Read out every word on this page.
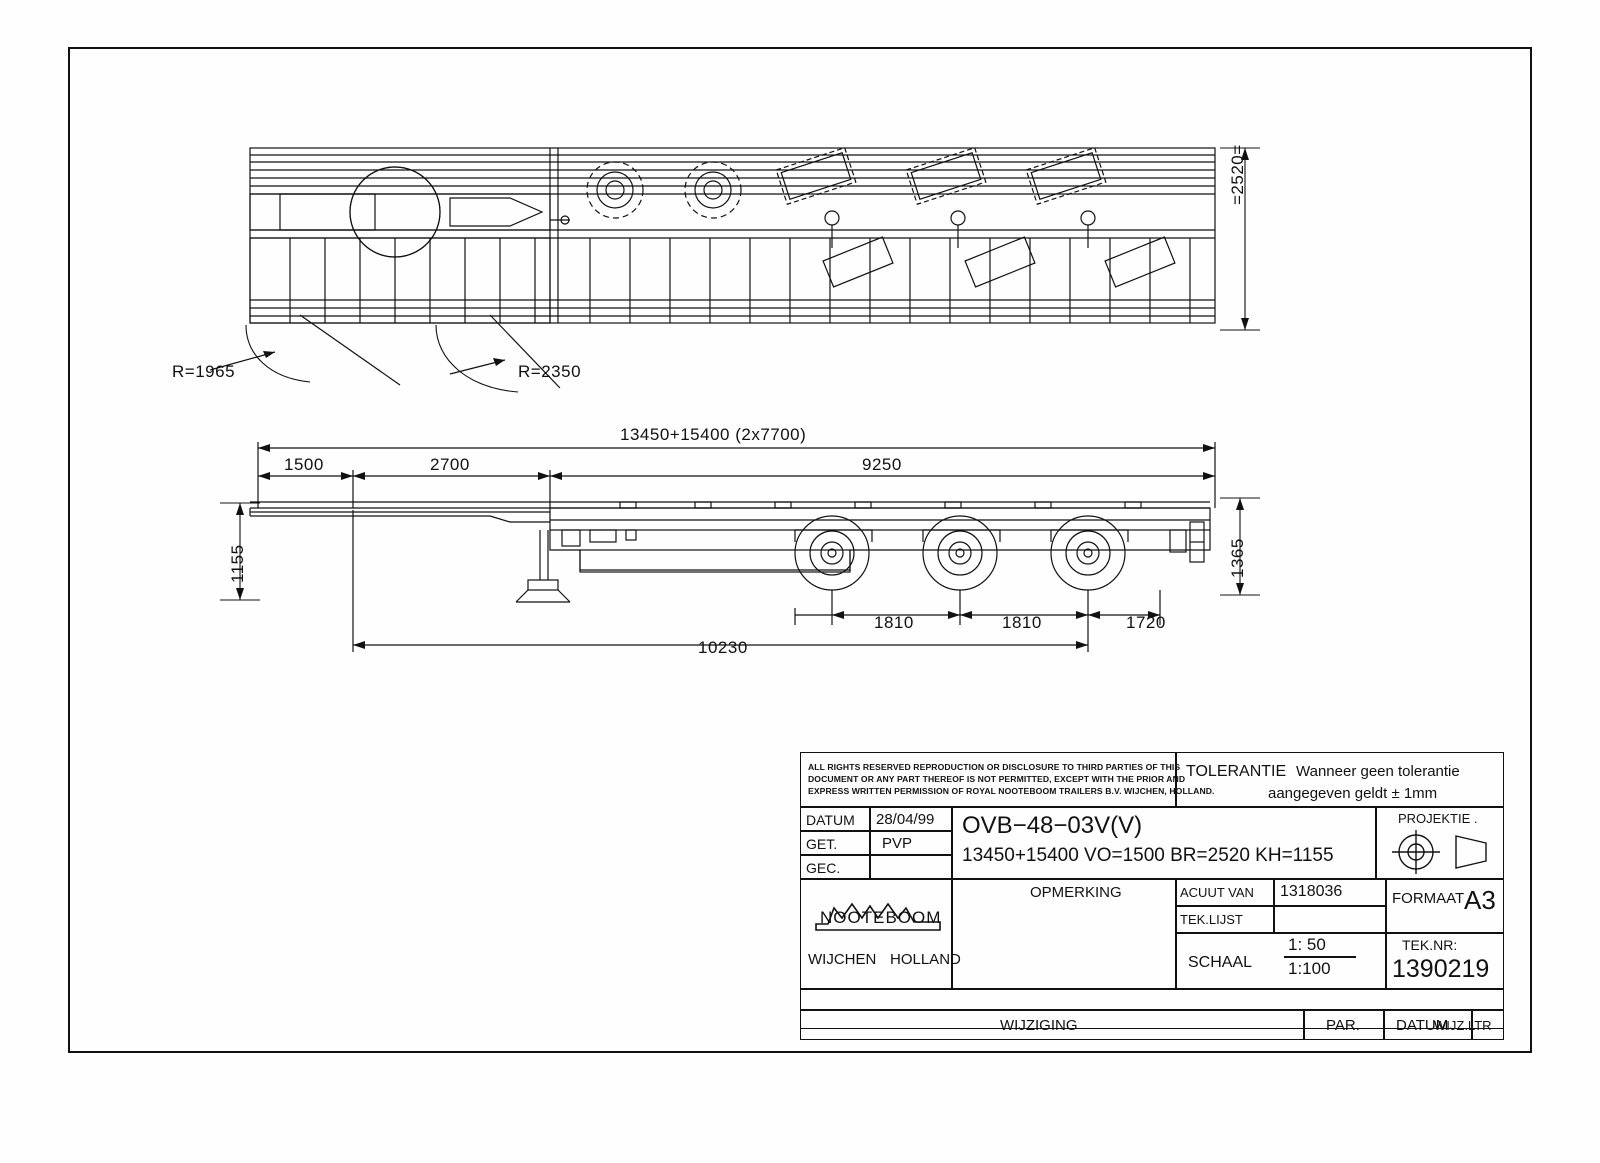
=2520=
R=1965	R=2350
1155	1365
13450+15400 (2x7700)
1500	2700	9250
1810	1810	1720
10230
ALL RIGHTS RESERVED REPRODUCTION OR DISCLOSURE TO THIRD PARTIES OF THIS
DOCUMENT OR ANY PART THEREOF IS NOT PERMITTED, EXCEPT WITH THE PRIOR AND
EXPRESS WRITTEN PERMISSION OF ROYAL NOOTEBOOM TRAILERS B.V. WIJCHEN, HOLLAND.
TOLERANTIE Wanneer geen tolerantie
aangegeven geldt ± 1mm
DATUM 28/04/99
GET.	PVP
GEC.
OVB−48−03V(V)
13450+15400 VO=1500 BR=2520 KH=1155
PROJEKTIE .
NOOTEBOOM
WIJCHEN HOLLAND
OPMERKING	ACUUT VAN 1318036
TEK.LIJST
SCHAAL
1: 50
1:100
FORMAAT A3
TEK.NR:
1390219
WIJZIGING	PAR. DATUM
WIJZ.LTR
